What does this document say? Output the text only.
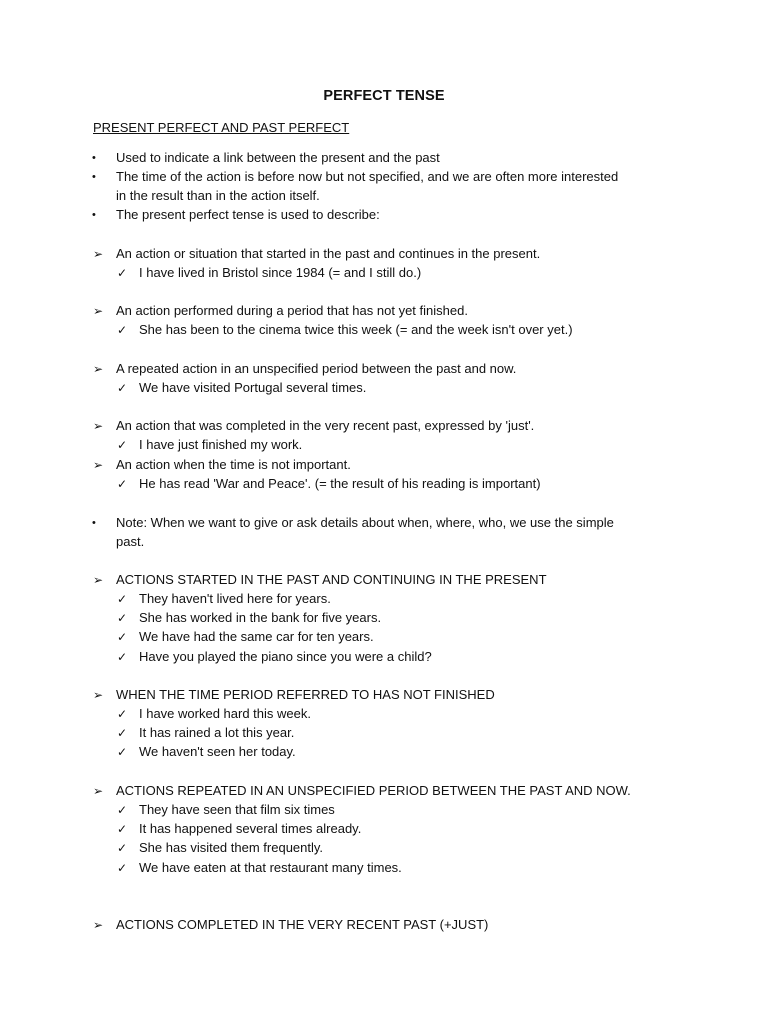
PERFECT TENSE
PRESENT PERFECT AND PAST PERFECT
•
•
•
➢
✓
➢
✓
➢
✓
➢
✓
➢
✓
•
➢
✓
✓
✓
✓
➢
✓
✓
✓
➢
✓
✓
✓
✓
➢
Used to indicate a link between the present and the past
The time of the action is before now but not specified, and we are often more interested
in the result than in the action itself.
The present perfect tense is used to describe:
An action or situation that started in the past and continues in the present.
I have lived in Bristol since 1984 (= and I still do.)
An action performed during a period that has not yet finished.
She has been to the cinema twice this week (= and the week isn't over yet.)
A repeated action in an unspecified period between the past and now.
We have visited Portugal several times.
An action that was completed in the very recent past, expressed by 'just'.
I have just finished my work.
An action when the time is not important.
He has read 'War and Peace'. (= the result of his reading is important)
Note: When we want to give or ask details about when, where, who, we use the simple
past.
ACTIONS STARTED IN THE PAST AND CONTINUING IN THE PRESENT
They haven't lived here for years.
She has worked in the bank for five years.
We have had the same car for ten years.
Have you played the piano since you were a child?
WHEN THE TIME PERIOD REFERRED TO HAS NOT FINISHED
I have worked hard this week.
It has rained a lot this year.
We haven't seen her today.
ACTIONS REPEATED IN AN UNSPECIFIED PERIOD BETWEEN THE PAST AND NOW.
They have seen that film six times
It has happened several times already.
She has visited them frequently.
We have eaten at that restaurant many times.
ACTIONS COMPLETED IN THE VERY RECENT PAST (+JUST)
